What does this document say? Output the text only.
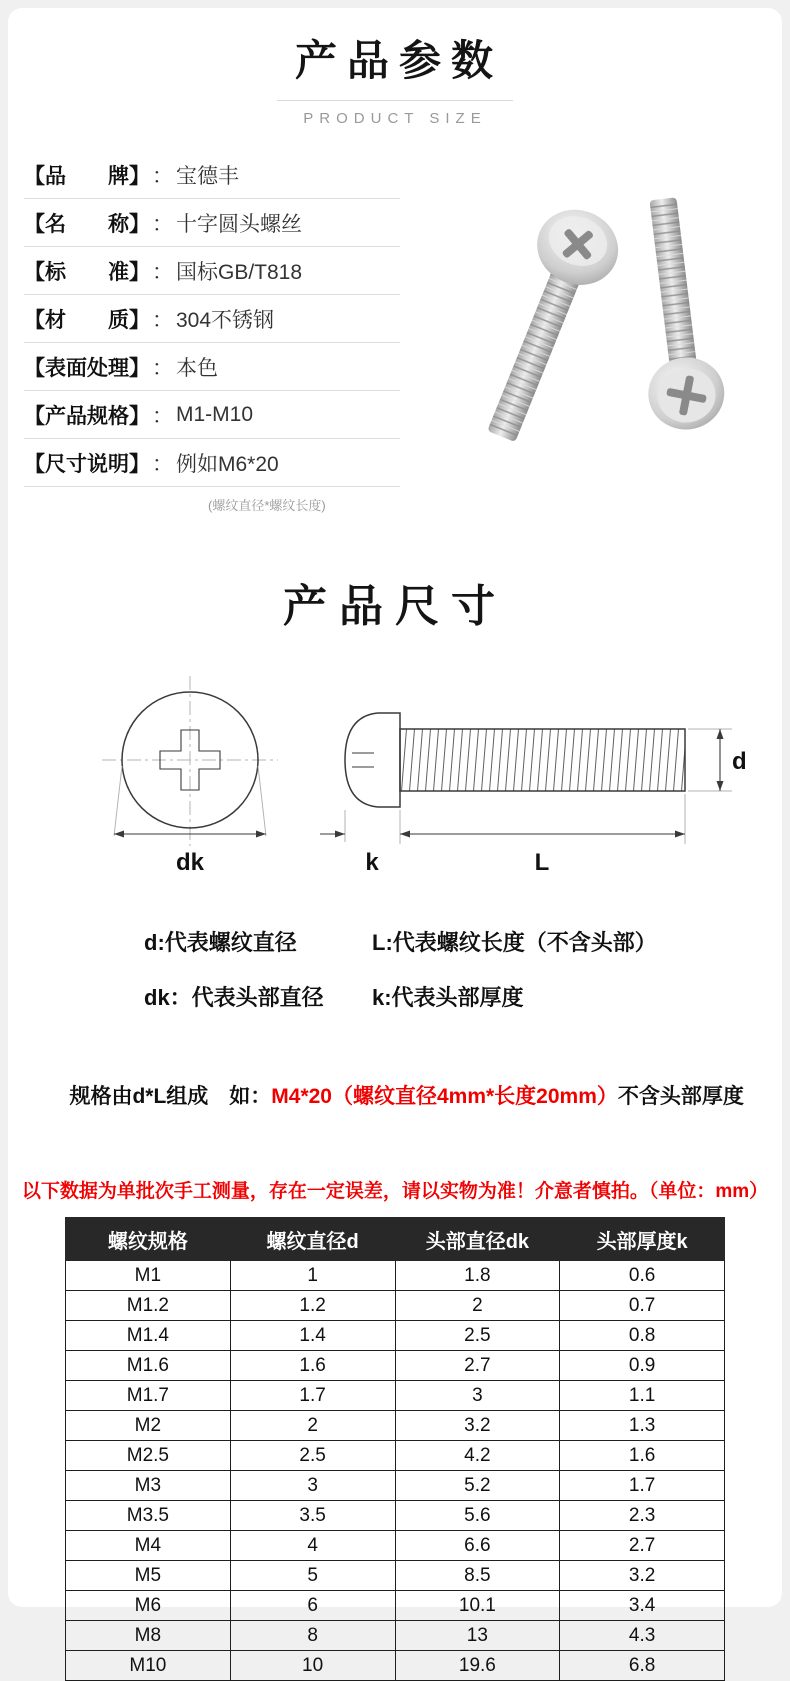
产品参数
PRODUCT SIZE
【品　　牌】 ： 宝德丰
【名　　称】 ： 十字圆头螺丝
【标　　准】 ： 国标GB/T818
【材　　质】 ： 304不锈钢
【表面处理】 ： 本色
【产品规格】 ： M1-M10
【尺寸说明】 ： 例如M6*20
(螺纹直径*螺纹长度)
产品尺寸
dk
d
k	L
d:代表螺纹直径	L:代表螺纹长度（不含头部）
dk：代表头部直径	k:代表头部厚度

规格由d*L组成　如：M4*20（螺纹直径4mm*长度20mm）不含头部厚度

以下数据为单批次手工测量，存在一定误差，请以实物为准！介意者慎拍。（单位：mm）
螺纹规格	螺纹直径d	头部直径dk	头部厚度k
M1	1	1.8	0.6
M1.2	1.2	2	0.7
M1.4	1.4	2.5	0.8
M1.6	1.6	2.7	0.9
M1.7	1.7	3	1.1
M2	2	3.2	1.3
M2.5	2.5	4.2	1.6
M3	3	5.2	1.7
M3.5	3.5	5.6	2.3
M4	4	6.6	2.7
M5	5	8.5	3.2
M6	6	10.1	3.4
M8	8	13	4.3
M10	10	19.6	6.8
